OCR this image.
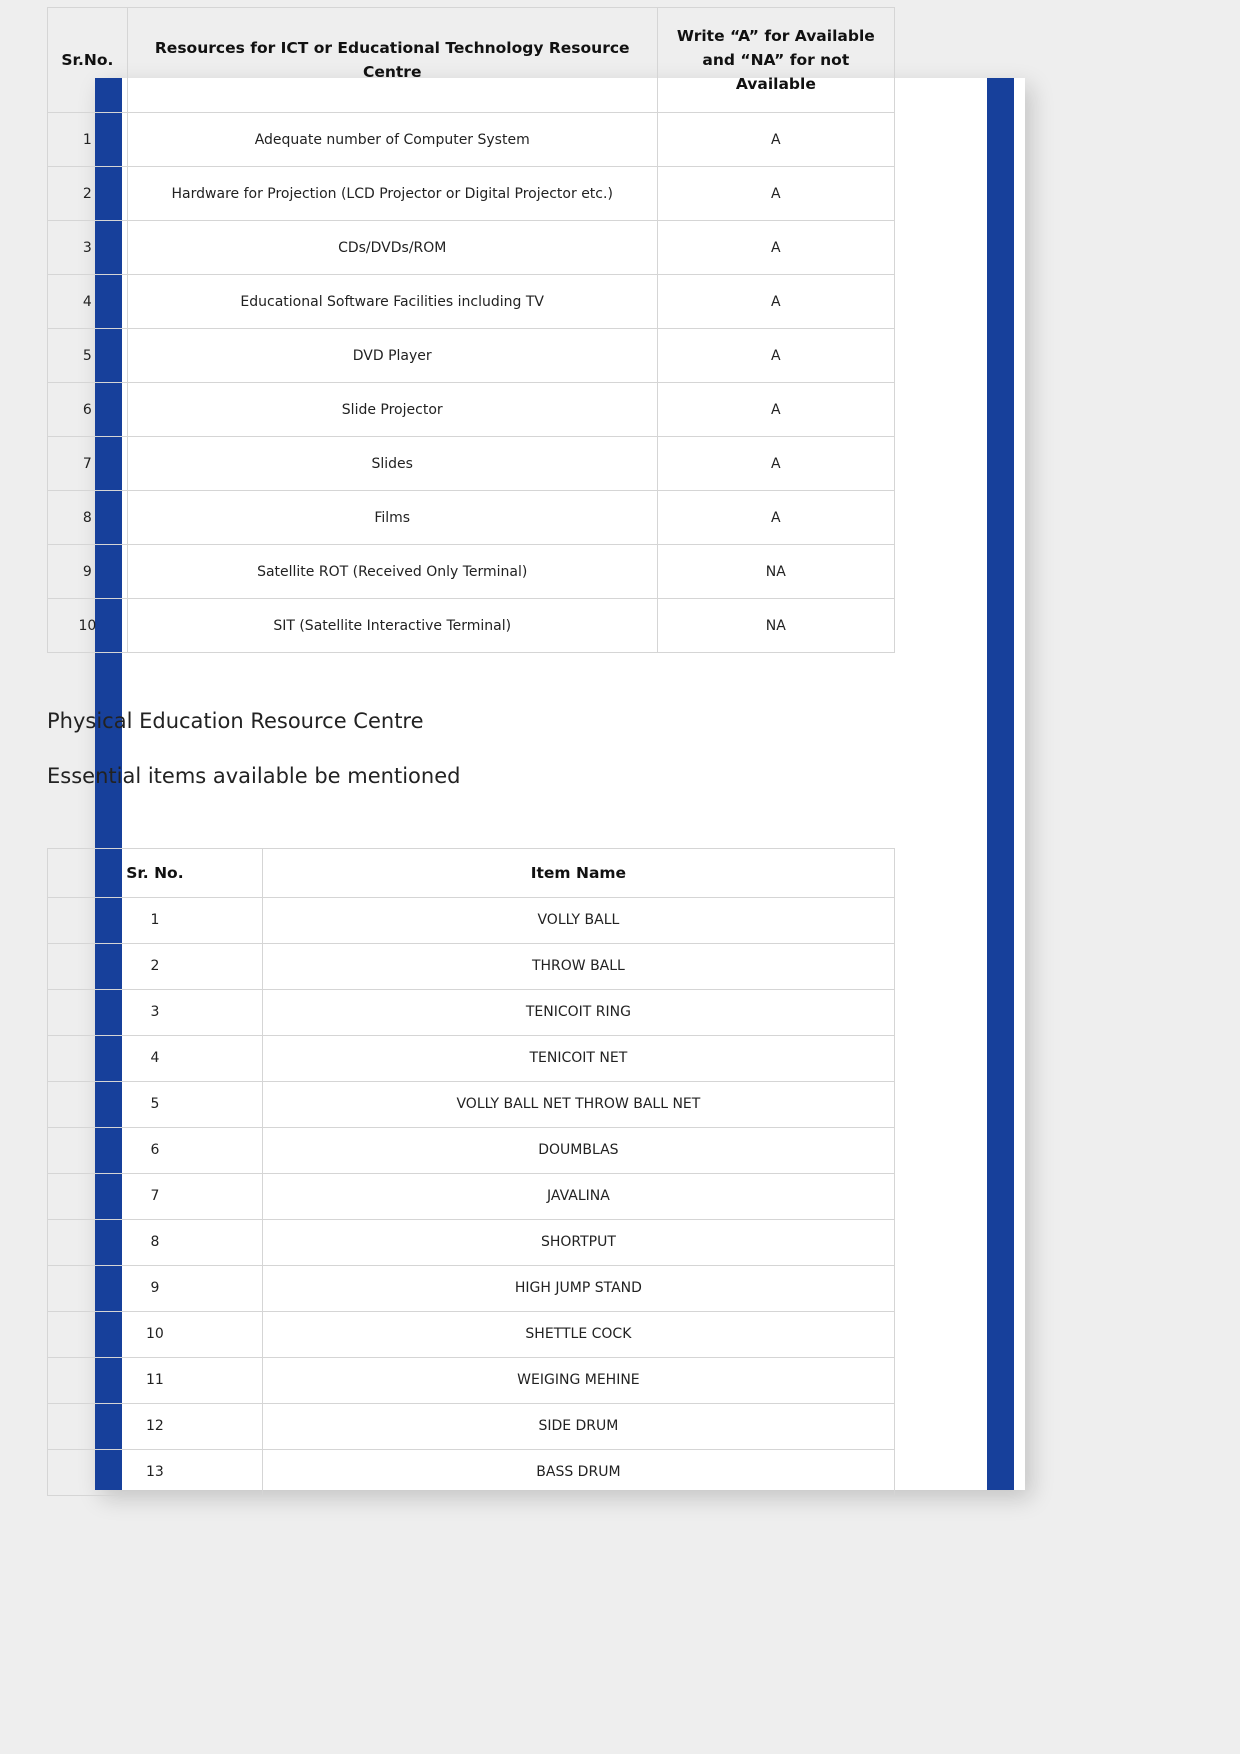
Sr.No.	Resources for ICT or Educational Technology Resource Centre	Write “A” for Available and “NA” for not Available
1	Adequate number of Computer System	A
2	Hardware for Projection (LCD Projector or Digital Projector etc.)	A
3	CDs/DVDs/ROM	A
4	Educational Software Facilities including TV	A
5	DVD Player	A
6	Slide Projector	A
7	Slides	A
8	Films	A
9	Satellite ROT (Received Only Terminal)	NA
10	SIT (Satellite Interactive Terminal)	NA
Physical Education Resource Centre
Essential items available be mentioned
Sr. No.	Item Name
1	VOLLY BALL
2	THROW BALL
3	TENICOIT RING
4	TENICOIT NET
5	VOLLY BALL NET THROW BALL NET
6	DOUMBLAS
7	JAVALINA
8	SHORTPUT
9	HIGH JUMP STAND
10	SHETTLE COCK
11	WEIGING MEHINE
12	SIDE DRUM
13	BASS DRUM
